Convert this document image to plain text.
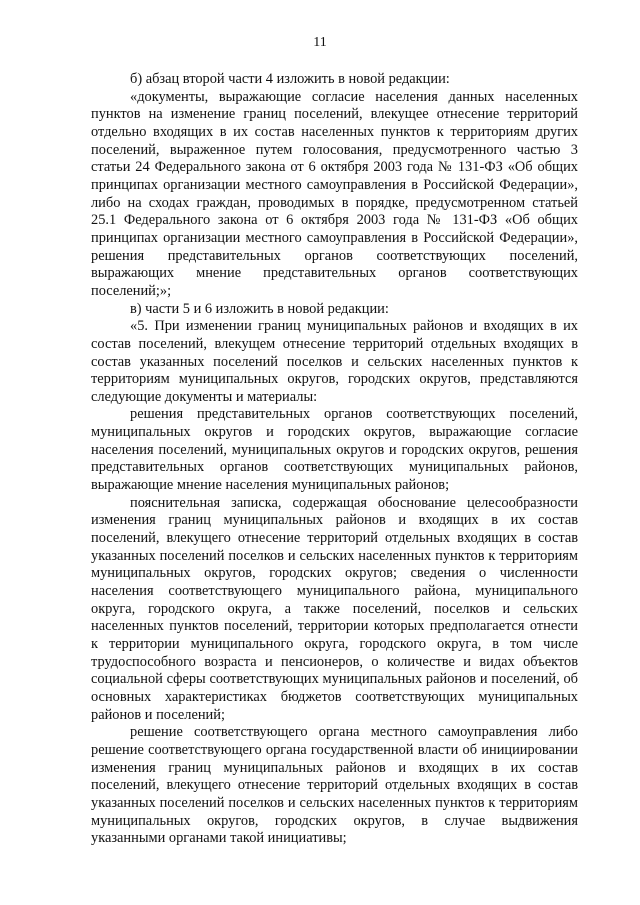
11

б) абзац второй части 4 изложить в новой редакции:

«документы, выражающие согласие населения данных населенных пунктов на изменение границ поселений, влекущее отнесение территорий отдельно входящих в их состав населенных пунктов к территориям других поселений, выраженное путем голосования, предусмотренного частью 3 статьи 24 Федерального закона от 6 октября 2003 года № 131-ФЗ «Об общих принципах организации местного самоуправления в Российской Федерации», либо на сходах граждан, проводимых в порядке, предусмотренном статьей 25.1 Федерального закона от 6 октября 2003 года № 131-ФЗ «Об общих принципах организации местного самоуправления в Российской Федерации», решения представительных органов соответствующих поселений, выражающих мнение представительных органов соответствующих поселений;»;

в) части 5 и 6 изложить в новой редакции:

«5. При изменении границ муниципальных районов и входящих в их состав поселений, влекущем отнесение территорий отдельных входящих в состав указанных поселений поселков и сельских населенных пунктов к территориям муниципальных округов, городских округов, представляются следующие документы и материалы:

решения представительных органов соответствующих поселений, муниципальных округов и городских округов, выражающие согласие населения поселений, муниципальных округов и городских округов, решения представительных органов соответствующих муниципальных районов, выражающие мнение населения муниципальных районов;

пояснительная записка, содержащая обоснование целесообразности изменения границ муниципальных районов и входящих в их состав поселений, влекущего отнесение территорий отдельных входящих в состав указанных поселений поселков и сельских населенных пунктов к территориям муниципальных округов, городских округов; сведения о численности населения соответствующего муниципального района, муниципального округа, городского округа, а также поселений, поселков и сельских населенных пунктов поселений, территории которых предполагается отнести к территории муниципального округа, городского округа, в том числе трудоспособного возраста и пенсионеров, о количестве и видах объектов социальной сферы соответствующих муниципальных районов и поселений, об основных характеристиках бюджетов соответствующих муниципальных районов и поселений;

решение соответствующего органа местного самоуправления либо решение соответствующего органа государственной власти об инициировании изменения границ муниципальных районов и входящих в их состав поселений, влекущего отнесение территорий отдельных входящих в состав указанных поселений поселков и сельских населенных пунктов к территориям муниципальных округов, городских округов, в случае выдвижения указанными органами такой инициативы;
